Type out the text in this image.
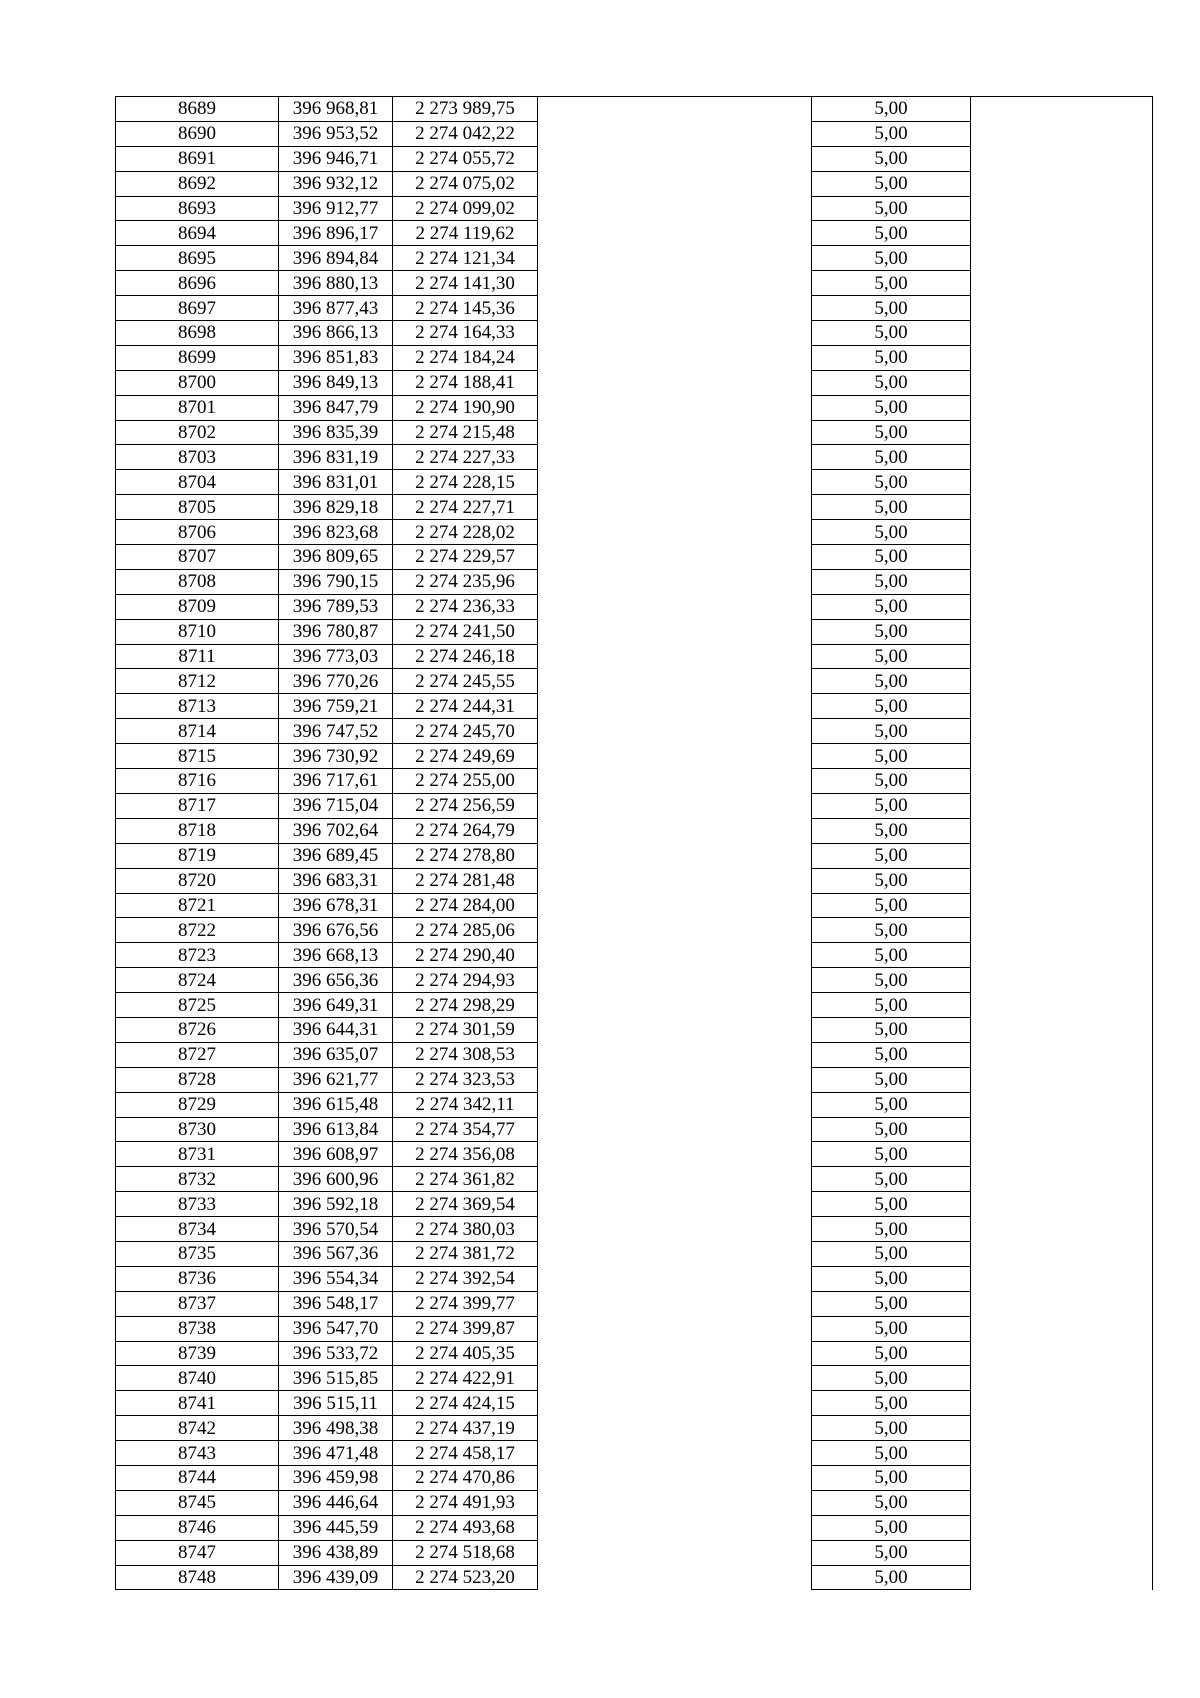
8689	396 968,81	2 273 989,75		5,00	
8690	396 953,52	2 274 042,22		5,00	
8691	396 946,71	2 274 055,72		5,00	
8692	396 932,12	2 274 075,02		5,00	
8693	396 912,77	2 274 099,02		5,00	
8694	396 896,17	2 274 119,62		5,00	
8695	396 894,84	2 274 121,34		5,00	
8696	396 880,13	2 274 141,30		5,00	
8697	396 877,43	2 274 145,36		5,00	
8698	396 866,13	2 274 164,33		5,00	
8699	396 851,83	2 274 184,24		5,00	
8700	396 849,13	2 274 188,41		5,00	
8701	396 847,79	2 274 190,90		5,00	
8702	396 835,39	2 274 215,48		5,00	
8703	396 831,19	2 274 227,33		5,00	
8704	396 831,01	2 274 228,15		5,00	
8705	396 829,18	2 274 227,71		5,00	
8706	396 823,68	2 274 228,02		5,00	
8707	396 809,65	2 274 229,57		5,00	
8708	396 790,15	2 274 235,96		5,00	
8709	396 789,53	2 274 236,33		5,00	
8710	396 780,87	2 274 241,50		5,00	
8711	396 773,03	2 274 246,18		5,00	
8712	396 770,26	2 274 245,55		5,00	
8713	396 759,21	2 274 244,31		5,00	
8714	396 747,52	2 274 245,70		5,00	
8715	396 730,92	2 274 249,69		5,00	
8716	396 717,61	2 274 255,00		5,00	
8717	396 715,04	2 274 256,59		5,00	
8718	396 702,64	2 274 264,79		5,00	
8719	396 689,45	2 274 278,80		5,00	
8720	396 683,31	2 274 281,48		5,00	
8721	396 678,31	2 274 284,00		5,00	
8722	396 676,56	2 274 285,06		5,00	
8723	396 668,13	2 274 290,40		5,00	
8724	396 656,36	2 274 294,93		5,00	
8725	396 649,31	2 274 298,29		5,00	
8726	396 644,31	2 274 301,59		5,00	
8727	396 635,07	2 274 308,53		5,00	
8728	396 621,77	2 274 323,53		5,00	
8729	396 615,48	2 274 342,11		5,00	
8730	396 613,84	2 274 354,77		5,00	
8731	396 608,97	2 274 356,08		5,00	
8732	396 600,96	2 274 361,82		5,00	
8733	396 592,18	2 274 369,54		5,00	
8734	396 570,54	2 274 380,03		5,00	
8735	396 567,36	2 274 381,72		5,00	
8736	396 554,34	2 274 392,54		5,00	
8737	396 548,17	2 274 399,77		5,00	
8738	396 547,70	2 274 399,87		5,00	
8739	396 533,72	2 274 405,35		5,00	
8740	396 515,85	2 274 422,91		5,00	
8741	396 515,11	2 274 424,15		5,00	
8742	396 498,38	2 274 437,19		5,00	
8743	396 471,48	2 274 458,17		5,00	
8744	396 459,98	2 274 470,86		5,00	
8745	396 446,64	2 274 491,93		5,00	
8746	396 445,59	2 274 493,68		5,00	
8747	396 438,89	2 274 518,68		5,00	
8748	396 439,09	2 274 523,20		5,00	
